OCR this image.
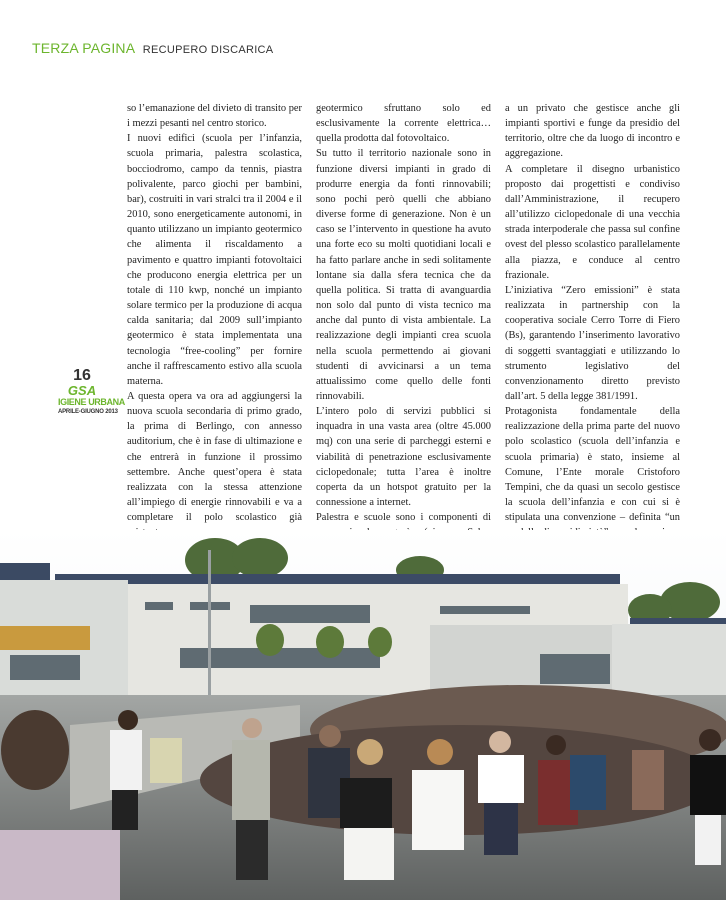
TERZA PAGINA RECUPERO DISCARICA
16
GSA
IGIENE URBANA
APRILE-GIUGNO 2013

so l’emanazione del divieto di transito per i mezzi pesanti nel centro storico.

I nuovi edifici (scuola per l’infanzia, scuola primaria, palestra scolastica, bocciodromo, campo da tennis, piastra polivalente, parco giochi per bambini, bar), costruiti in vari stralci tra il 2004 e il 2010, sono energeticamente autonomi, in quanto utilizzano un impianto geotermico che alimenta il riscaldamento a pavimento e quattro impianti fotovoltaici che producono energia elettrica per un totale di 110 kwp, nonché un impianto solare termico per la produzione di acqua calda sanitaria; dal 2009 sull’impianto geotermico è stata implementata una tecnologia “free-cooling” per fornire anche il raffrescamento estivo alla scuola materna.

A questa opera va ora ad aggiungersi la nuova scuola secondaria di primo grado, la prima di Berlingo, con annesso auditorium, che è in fase di ultimazione e che entrerà in funzione il prossimo settembre. Anche quest’opera è stata realizzata con la stessa attenzione all’impiego di energie rinnovabili e va a completare il polo scolastico già

geotermico sfruttano solo ed esclusivamente la corrente elettrica… quella prodotta dal fotovoltaico.

Su tutto il territorio nazionale sono in funzione diversi impianti in grado di produrre energia da fonti rinnovabili; sono pochi però quelli che abbiano diverse forme di generazione. Non è un caso se l’intervento in questione ha avuto una forte eco su molti quotidiani locali e ha fatto parlare anche in sedi solitamente lontane sia dalla sfera tecnica che da quella politica. Si tratta di avanguardia non solo dal punto di vista tecnico ma anche dal punto di vista ambientale. La realizzazione degli impianti crea scuola nella scuola permettendo ai giovani studenti di avvicinarsi a un tema attualissimo come quello delle fonti rinnovabili.

L’intero polo di servizi pubblici si inquadra in una vasta area (oltre 45.000 mq) con una serie di parcheggi esterni e viabilità di penetrazione esclusivamente ciclopedonale; tutta l’area è inoltre coperta da un hotspot gratuito per la connessione a internet.

Palestra e scuole sono i componenti di

a un privato che gestisce anche gli impianti sportivi e funge da presidio del territorio, oltre che da luogo di incontro e aggregazione.

A completare il disegno urbanistico proposto dai progettisti e condiviso dall’Amministrazione, il recupero all’utilizzo ciclopedonale di una vecchia strada interpoderale che passa sul confine ovest del plesso scolastico parallelamente alla piazza, e conduce al centro frazionale.

L’iniziativa “Zero emissioni” è stata realizzata in partnership con la cooperativa sociale Cerro Torre di Fiero (Bs), garantendo l’inserimento lavorativo di soggetti svantaggiati e utilizzando lo strumento legislativo del convenzionamento diretto previsto dall’art. 5 della legge 381/1991.

Protagonista fondamentale della realizzazione della prima parte del nuovo polo scolastico (scuola dell’infanzia e scuola primaria) è stato, insieme al Comune, l’Ente morale Cristoforo Tempini, che da quasi un secolo gestisce la scuola dell’infanzia e con cui si è stipulata una convenzione – definita “un
